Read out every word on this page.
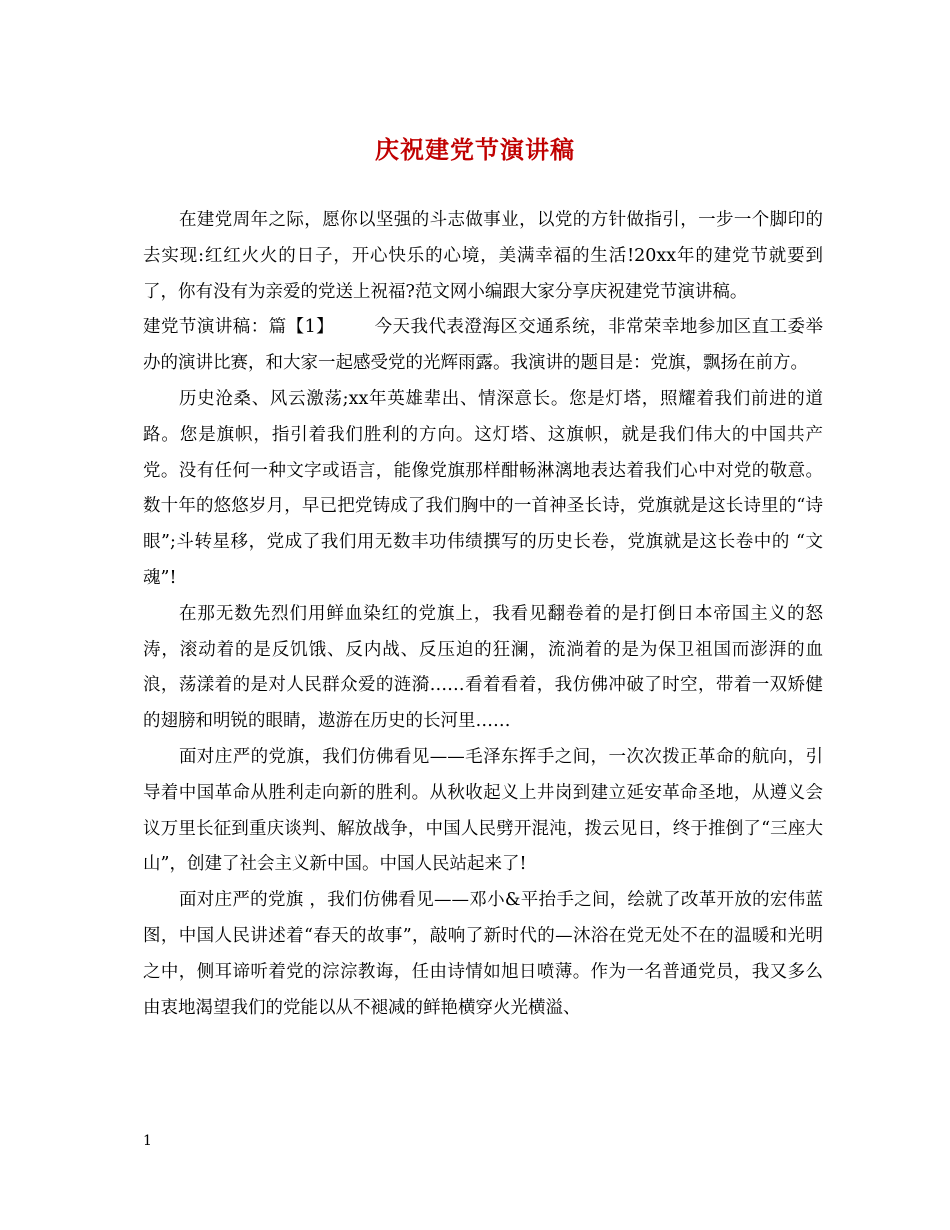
庆祝建党节演讲稿

在建党周年之际，愿你以坚强的斗志做事业，以党的方针做指引，一步一个脚印的去实现:红红火火的日子，开心快乐的心境，美满幸福的生活!20xx年的建党节就要到了，你有没有为亲爱的党送上祝福?范文网小编跟大家分享庆祝建党节演讲稿。

建党节演讲稿：篇【1】 今天我代表澄海区交通系统，非常荣幸地参加区直工委举办的演讲比赛，和大家一起感受党的光辉雨露。我演讲的题目是：党旗，飘扬在前方。

历史沧桑、风云激荡;xx年英雄辈出、情深意长。您是灯塔，照耀着我们前进的道路。您是旗帜，指引着我们胜利的方向。这灯塔、这旗帜，就是我们伟大的中国共产党。没有任何一种文字或语言，能像党旗那样酣畅淋漓地表达着我们心中对党的敬意。数十年的悠悠岁月，早已把党铸成了我们胸中的一首神圣长诗，党旗就是这长诗里的“诗眼”;斗转星移，党成了我们用无数丰功伟绩撰写的历史长卷，党旗就是这长卷中的 “文魂”!

在那无数先烈们用鲜血染红的党旗上，我看见翻卷着的是打倒日本帝国主义的怒涛，滚动着的是反饥饿、反内战、反压迫的狂澜，流淌着的是为保卫祖国而澎湃的血浪，荡漾着的是对人民群众爱的涟漪……看着看着，我仿佛冲破了时空，带着一双矫健的翅膀和明锐的眼睛，遨游在历史的长河里……

面对庄严的党旗，我们仿佛看见——毛泽东挥手之间，一次次拨正革命的航向，引导着中国革命从胜利走向新的胜利。从秋收起义上井岗到建立延安革命圣地，从遵义会议万里长征到重庆谈判、解放战争，中国人民劈开混沌，拨云见日，终于推倒了“三座大山”，创建了社会主义新中国。中国人民站起来了!

面对庄严的党旗 ，我们仿佛看见——邓小&平抬手之间，绘就了改革开放的宏伟蓝图，中国人民讲述着“春天的故事”，敲响了新时代的—沐浴在党无处不在的温暖和光明之中，侧耳谛听着党的淙淙教诲，任由诗情如旭日喷薄。作为一名普通党员，我又多么由衷地渴望我们的党能以从不褪减的鲜艳横穿火光横溢、

1
